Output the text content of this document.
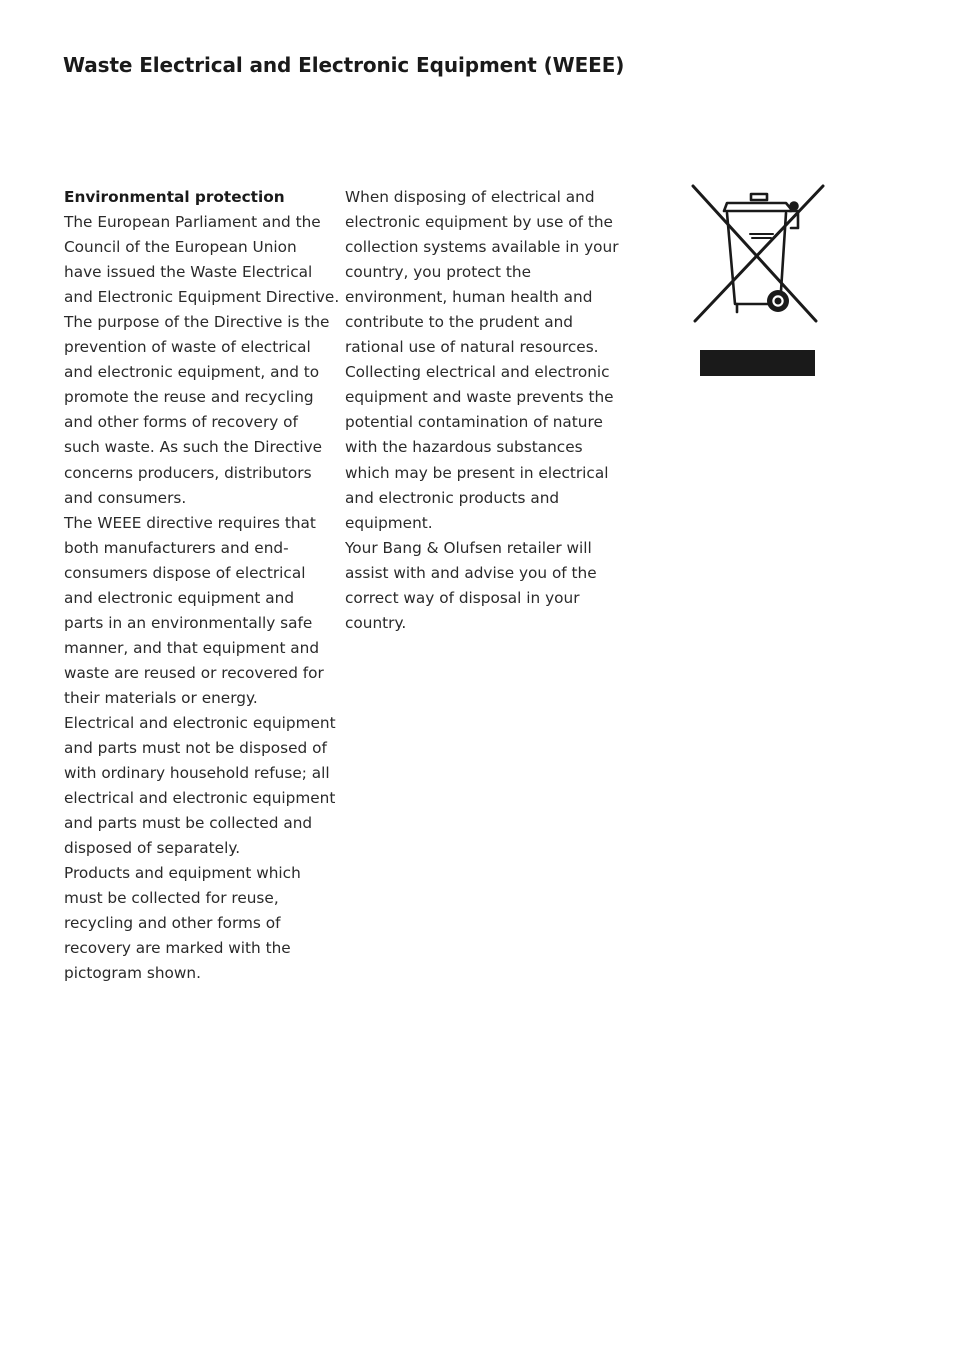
Waste Electrical and Electronic Equipment (WEEE)
Environmental protection

The European Parliament and the
Council of the European Union
have issued the Waste Electrical
and Electronic Equipment Directive.
The purpose of the Directive is the
prevention of waste of electrical
and electronic equipment, and to
promote the reuse and recycling
and other forms of recovery of
such waste. As such the Directive
concerns producers, distributors
and consumers.
The WEEE directive requires that
both manufacturers and end-
consumers dispose of electrical
and electronic equipment and
parts in an environmentally safe
manner, and that equipment and
waste are reused or recovered for
their materials or energy.
Electrical and electronic equipment
and parts must not be disposed of
with ordinary household refuse; all
electrical and electronic equipment
and parts must be collected and
disposed of separately.
Products and equipment which
must be collected for reuse,
recycling and other forms of
recovery are marked with the
pictogram shown.

When disposing of electrical and
electronic equipment by use of the
collection systems available in your
country, you protect the
environment, human health and
contribute to the prudent and
rational use of natural resources.
Collecting electrical and electronic
equipment and waste prevents the
potential contamination of nature
with the hazardous substances
which may be present in electrical
and electronic products and
equipment.
Your Bang & Olufsen retailer will
assist with and advise you of the
correct way of disposal in your
country.
